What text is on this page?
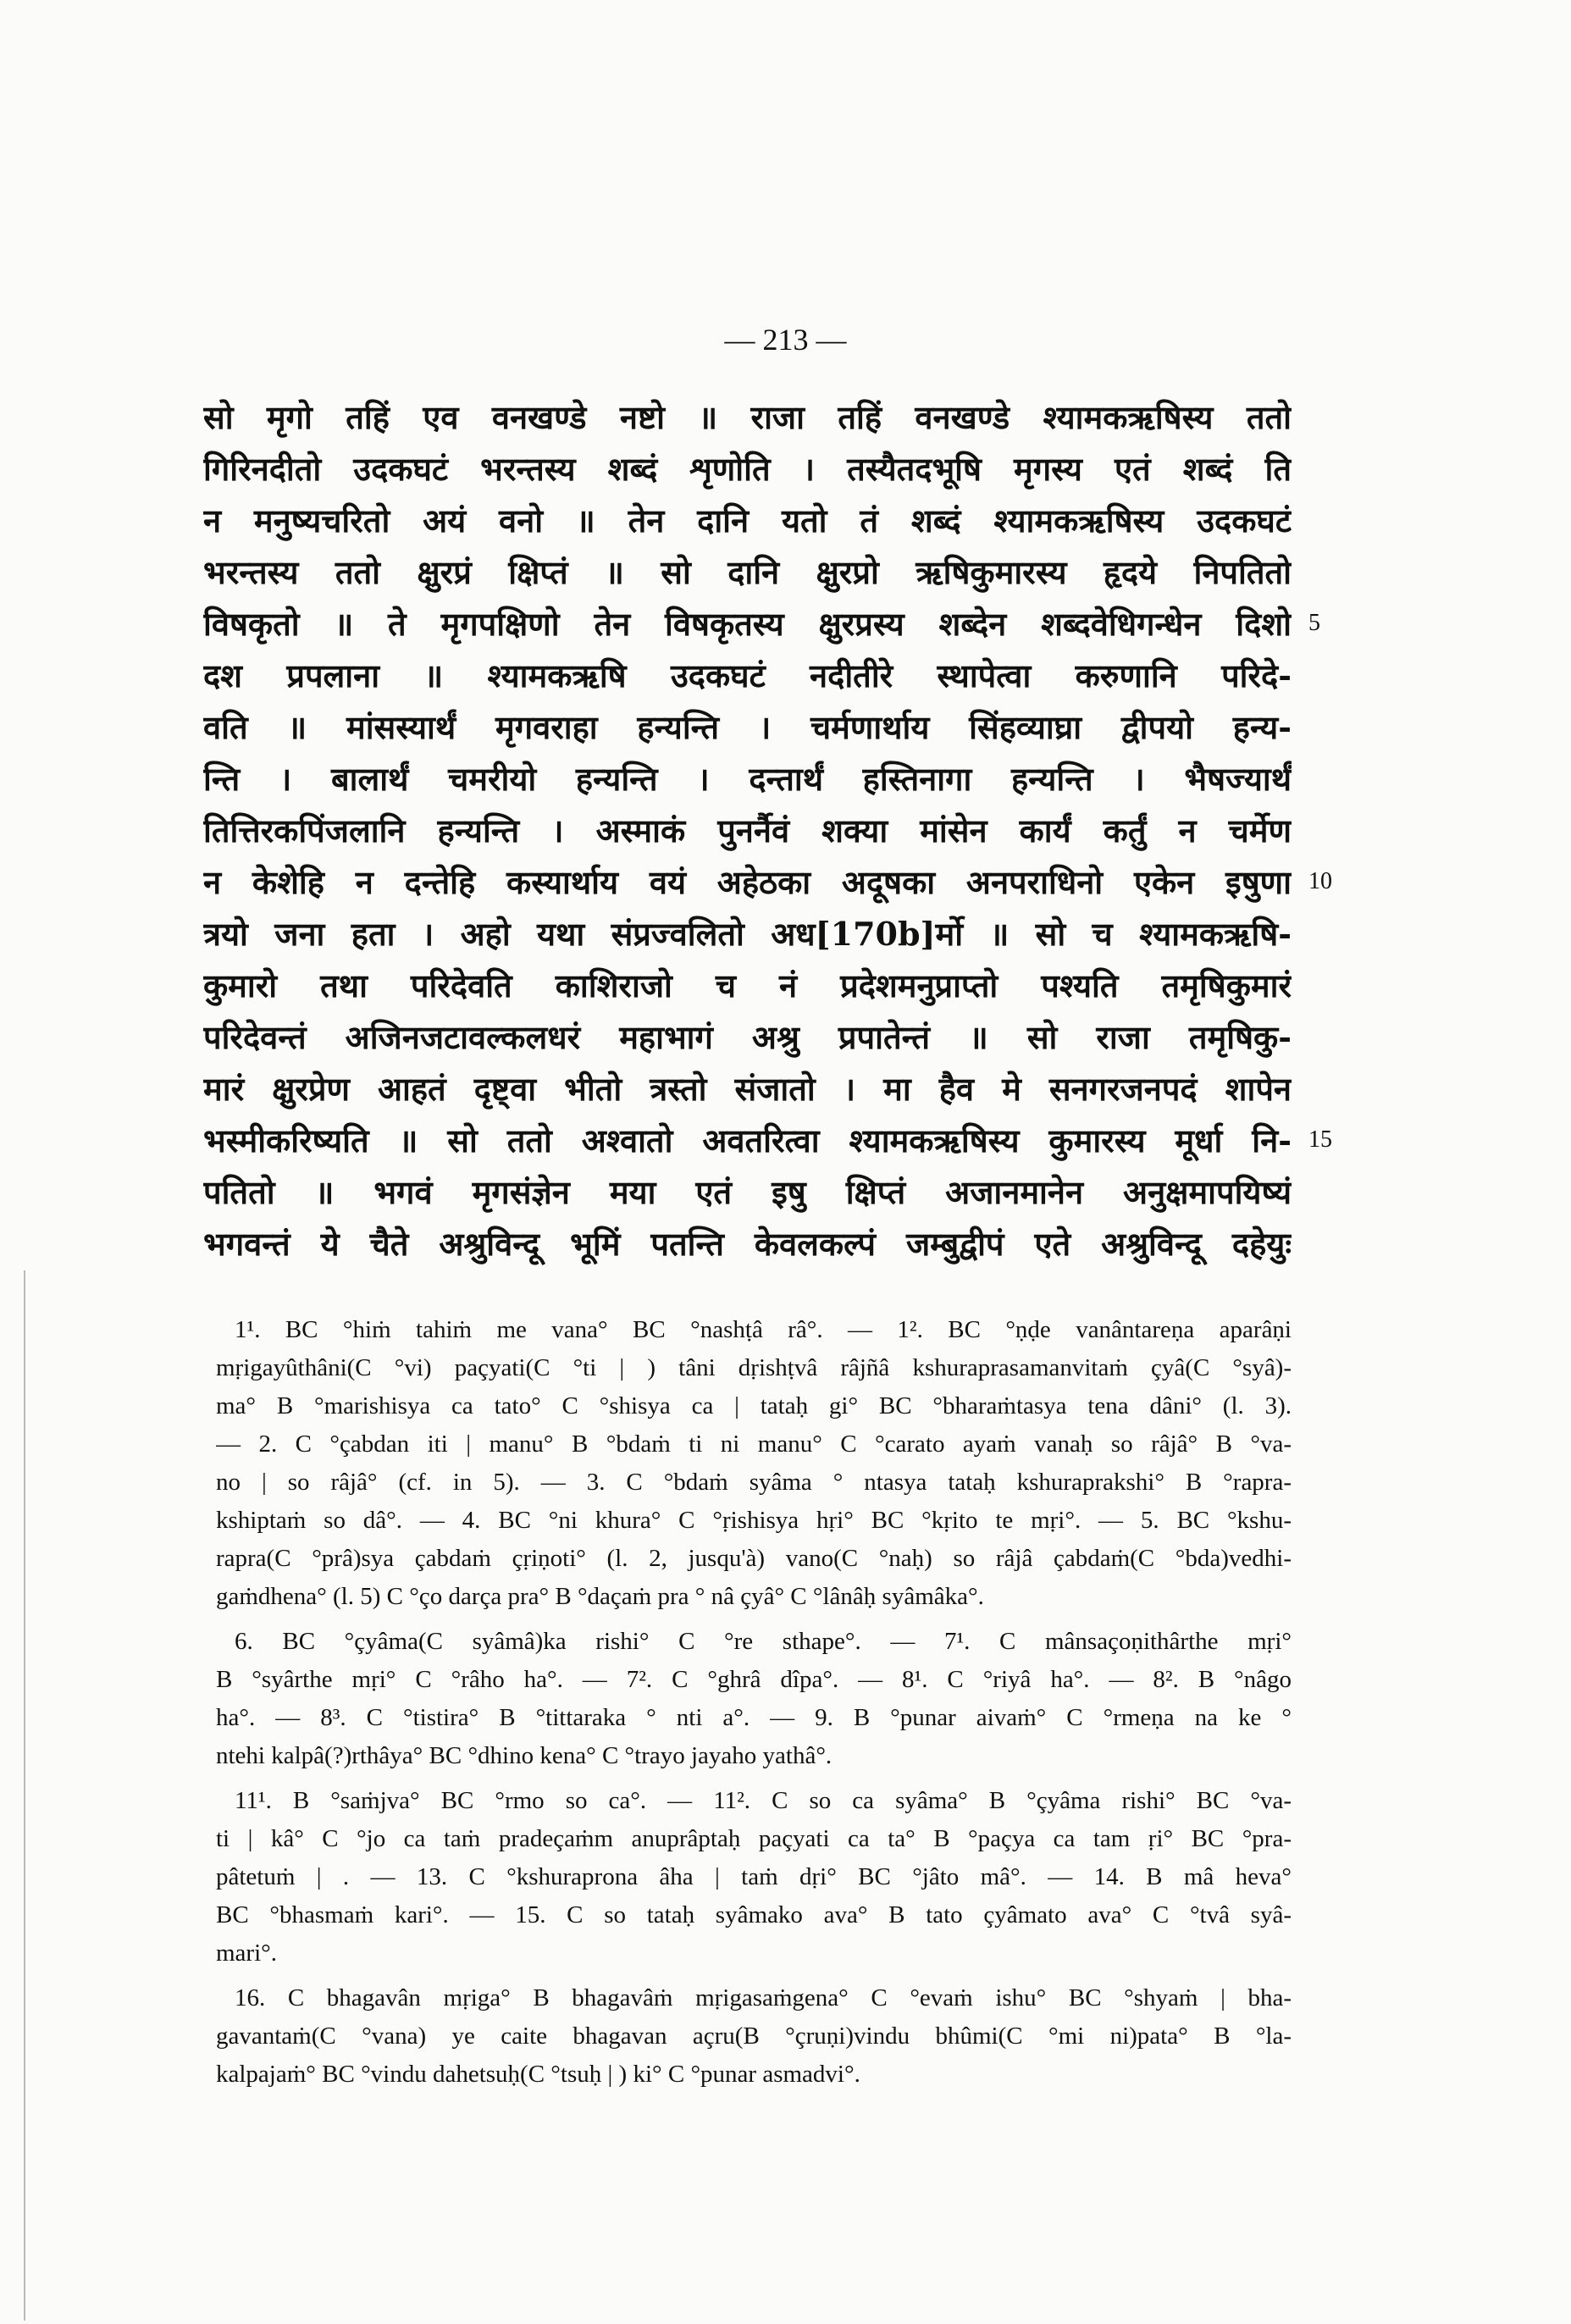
— 213 —
सो मृगो तहिं एव वनखण्डे नष्टो ॥ राजा तहिं वनखण्डे श्यामकऋषिस्य ततो
गिरिनदीतो उदकघटं भरन्तस्य शब्दं शृणोति । तस्यैतदभूषि मृगस्य एतं शब्दं ति
न मनुष्यचरितो अयं वनो ॥ तेन दानि यतो तं शब्दं श्यामकऋषिस्य उदकघटं
भरन्तस्य ततो क्षुरप्रं क्षिप्तं ॥ सो दानि क्षुरप्रो ऋषिकुमारस्य हृदये निपतितो
विषकृतो ॥ ते मृगपक्षिणो तेन विषकृतस्य क्षुरप्रस्य शब्देन शब्दवेधिगन्धेन दिशो
दश प्रपलाना ॥ श्यामकऋषि उदकघटं नदीतीरे स्थापेत्वा करुणानि परिदे-
वति ॥ मांसस्यार्थं मृगवराहा हन्यन्ति । चर्मणार्थाय सिंहव्याघ्रा द्वीपयो हन्य-
न्ति । बालार्थं चमरीयो हन्यन्ति । दन्तार्थं हस्तिनागा हन्यन्ति । भैषज्यार्थं
तित्तिरकपिंजलानि हन्यन्ति । अस्माकं पुनर्नैवं शक्या मांसेन कार्यं कर्तुं न चर्मेण
न केशेहि न दन्तेहि कस्यार्थाय वयं अहेठका अदूषका अनपराधिनो एकेन इषुणा
त्रयो जना हता । अहो यथा संप्रज्वलितो अध[170b]र्मो ॥ सो च श्यामकऋषि-
कुमारो तथा परिदेवति काशिराजो च नं प्रदेशमनुप्राप्तो पश्यति तमृषिकुमारं
परिदेवन्तं अजिनजटावल्कलधरं महाभागं अश्रु प्रपातेन्तं ॥ सो राजा तमृषिकु-
मारं क्षुरप्रेण आहतं दृष्ट्वा भीतो त्रस्तो संजातो । मा हैव मे सनगरजनपदं शापेन
भस्मीकरिष्यति ॥ सो ततो अश्वातो अवतरित्वा श्यामकऋषिस्य कुमारस्य मूर्धा नि-
पतितो ॥ भगवं मृगसंज्ञेन मया एतं इषु क्षिप्तं अजानमानेन अनुक्षमापयिष्यं
भगवन्तं ये चैते अश्रुविन्दू भूमिं पतन्ति केवलकल्पं जम्बुद्वीपं एते अश्रुविन्दू दहेयुः
5
10
15
1¹. BC °hiṁ tahiṁ me vana° BC °nashṭâ râ°. — 1². BC °ṇḍe vanântareṇa aparâṇi
mṛigayûthâni(C °vi) paçyati(C °ti | ) tâni dṛishṭvâ râjñâ kshuraprasamanvitaṁ çyâ(C °syâ)-
ma° B °marishisya ca tato° C °shisya ca | tataḥ gi° BC °bharaṁtasya tena dâni° (l. 3).
— 2. C °çabdan iti | manu° B °bdaṁ ti ni manu° C °carato ayaṁ vanaḥ so râjâ° B °va-
no | so râjâ° (cf. in 5). — 3. C °bdaṁ syâma ° ntasya tataḥ kshuraprakshi° B °rapra-
kshiptaṁ so dâ°. — 4. BC °ni khura° C °ṛishisya hṛi° BC °kṛito te mṛi°. — 5. BC °kshu-
rapra(C °prâ)sya çabdaṁ çṛiṇoti° (l. 2, jusqu'à) vano(C °naḥ) so râjâ çabdaṁ(C °bda)vedhi-
gaṁdhena° (l. 5) C °ço darça pra° B °daçaṁ pra ° nâ çyâ° C °lânâḥ syâmâka°.
6. BC °çyâma(C syâmâ)ka rishi° C °re sthape°. — 7¹. C mânsaçoṇithârthe mṛi°
B °syârthe mṛi° C °râho ha°. — 7². C °ghrâ dîpa°. — 8¹. C °riyâ ha°. — 8². B °nâgo
ha°. — 8³. C °tistira° B °tittaraka ° nti a°. — 9. B °punar aivaṁ° C °rmeṇa na ke °
ntehi kalpâ(?)rthâya° BC °dhino kena° C °trayo jayaho yathâ°.
11¹. B °saṁjva° BC °rmo so ca°. — 11². C so ca syâma° B °çyâma rishi° BC °va-
ti | kâ° C °jo ca taṁ pradeçaṁm anuprâptaḥ paçyati ca ta° B °paçya ca tam ṛi° BC °pra-
pâtetuṁ | . — 13. C °kshuraprona âha | taṁ dṛi° BC °jâto mâ°. — 14. B mâ heva°
BC °bhasmaṁ kari°. — 15. C so tataḥ syâmako ava° B tato çyâmato ava° C °tvâ syâ-
mari°.
16. C bhagavân mṛiga° B bhagavâṁ mṛigasaṁgena° C °evaṁ ishu° BC °shyaṁ | bha-
gavantaṁ(C °vana) ye caite bhagavan açru(B °çruṇi)vindu bhûmi(C °mi ni)pata° B °la-
kalpajaṁ° BC °vindu dahetsuḥ(C °tsuḥ | ) ki° C °punar asmadvi°.
